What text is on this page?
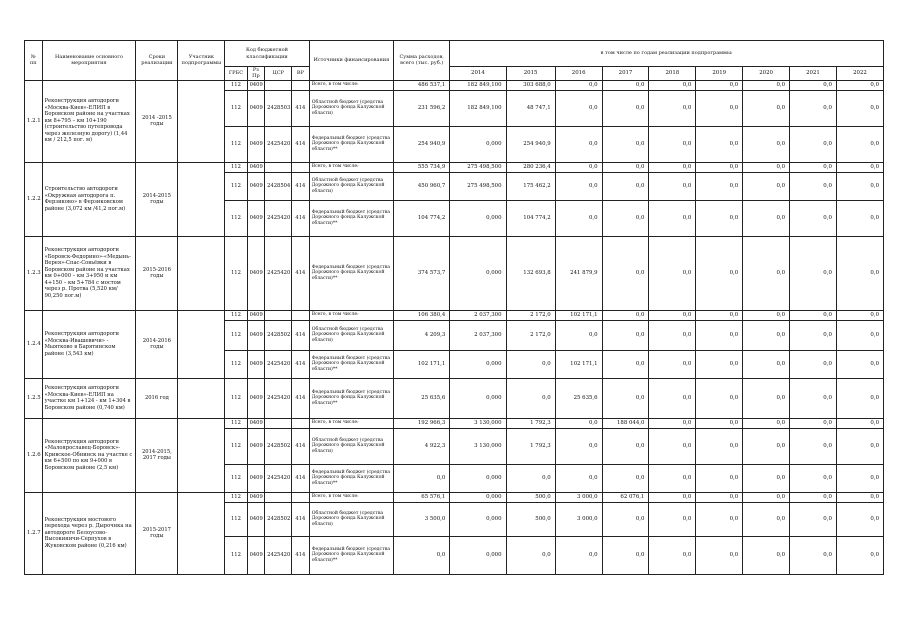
№ пп	Наименование основного мероприятия	Сроки реализации	Участник подпрограммы	Код бюджетной классификации				Источники финансирования	Сумма расходов, всего (тыс. руб.)	в том числе по годам реализации подпрограммы:								
				ГРБС	Рз Пр	ЦСР	ВР			2014	2015	2016	2017	2018	2019	2020	2021	2022
1.2.1	Реконструкция автодороги «Москва-Киев»-ЕЛИП в Боровском районе на участках км 8+795 – км 10+190 (строительство путепровода через железную дорогу) (1,44 км / 212,5 пог. м)	2014 -2015 годы		112	0409			Всего, в том числе:	486 537,1	182 849,100	303 688,0	0,0	0,0	0,0	0,0	0,0	0,0	0,0
				112	0409	2428503	414	Областной бюджет (средства Дорожного фонда Калужской области)	231 596,2	182 849,100	48 747,1	0,0	0,0	0,0	0,0	0,0	0,0	0,0
				112	0409	2425420	414	Федеральный бюджет (средства Дорожного фонда Калужской области)**	254 940,9	0,000	254 940,9	0,0	0,0	0,0	0,0	0,0	0,0	0,0
1.2.2	Строительство автодороги «Окружная автодорога п. Ферзиково» в Ферзиковском районе (3,072 км /41,2 пог.м)	2014-2015 годы		112	0409			Всего, в том числе:	555 734,9	275 498,500	280 236,4	0,0	0,0	0,0	0,0	0,0	0,0	0,0
				112	0409	2428504	414	Областной бюджет (средства Дорожного фонда Калужской области)	450 960,7	275 498,500	175 462,2	0,0	0,0	0,0	0,0	0,0	0,0	0,0
				112	0409	2425420	414	Федеральный бюджет (средства Дорожного фонда Калужской области)**	104 774,2	0,000	104 774,2	0,0	0,0	0,0	0,0	0,0	0,0	0,0
1.2.3	Реконструкция автодороги «Боровск-Федорино»-«Медынь-Верея»-Спас-Совьёвки в Боровском районе на участках км 0+000 – км 3+950 и км 4+150 – км 5+784 с мостом через р. Протва (5,520 км/ 90,250 пог.м)	2015-2016 годы		112	0409	2425420	414	Федеральный бюджет (средства Дорожного фонда Калужской области)**	374 573,7	0,000	132 693,8	241 879,9	0,0	0,0	0,0	0,0	0,0	0,0
1.2.4	Реконструкция автодороги «Москва-Ивашевичи» - Мыятково в Барятинском районе (3,543 км)	2014-2016 годы		112	0409			Всего, в том числе:	106 380,4	2 037,300	2 172,0	102 171,1	0,0	0,0	0,0	0,0	0,0	0,0
				112	0409	2428502	414	Областной бюджет (средства Дорожного фонда Калужской области)	4 209,3	2 037,300	2 172,0	0,0	0,0	0,0	0,0	0,0	0,0	0,0
				112	0409	2425420	414	Федеральный бюджет (средства Дорожного фонда Калужской области)**	102 171,1	0,000	0,0	102 171,1	0,0	0,0	0,0	0,0	0,0	0,0
1.2.5	Реконструкция автодороги «Москва-Киев»-ЕЛИП на участке км 1+124 - км 1+304 в Боровском районе (0,740 км)	2016 год		112	0409	2425420	414	Федеральный бюджет (средства Дорожного фонда Калужской области)**	25 635,6	0,000	0,0	25 635,6	0,0	0,0	0,0	0,0	0,0	0,0
1.2.6	Реконструкция автодороги «Малоярославец-Боровск»-Кривское-Обнинск на участке с км 6+500 по км 9+000 в Боровском районе (2,5 км)	2014-2015, 2017 годы		112	0409			Всего, в том числе:	192 966,3	3 130,000	1 792,3	0,0	188 044,0	0,0	0,0	0,0	0,0	0,0
				112	0409	2428502	414	Областной бюджет (средства Дорожного фонда Калужской области)	4 922,3	3 130,000	1 792,3	0,0	0,0	0,0	0,0	0,0	0,0	0,0
				112	0409	2425420	414	Федеральный бюджет (средства Дорожного фонда Калужской области)**	0,0	0,000	0,0	0,0	0,0	0,0	0,0	0,0	0,0	0,0
1.2.7	Реконструкция мостового перехода через р. Дырочнка на автодороге Белоусово-Высокиничи-Серпухов в Жуковском районе (0,216 км)	2015-2017 годы		112	0409			Всего, в том числе:	65 576,1	0,000	500,0	3 000,0	62 076,1	0,0	0,0	0,0	0,0	0,0
				112	0409	2428502	414	Областной бюджет (средства Дорожного фонда Калужской области)	3 500,0	0,000	500,0	3 000,0	0,0	0,0	0,0	0,0	0,0	0,0
				112	0409	2425420	414	Федеральный бюджет (средства Дорожного фонда Калужской области)**	0,0	0,000	0,0	0,0	0,0	0,0	0,0	0,0	0,0	0,0
